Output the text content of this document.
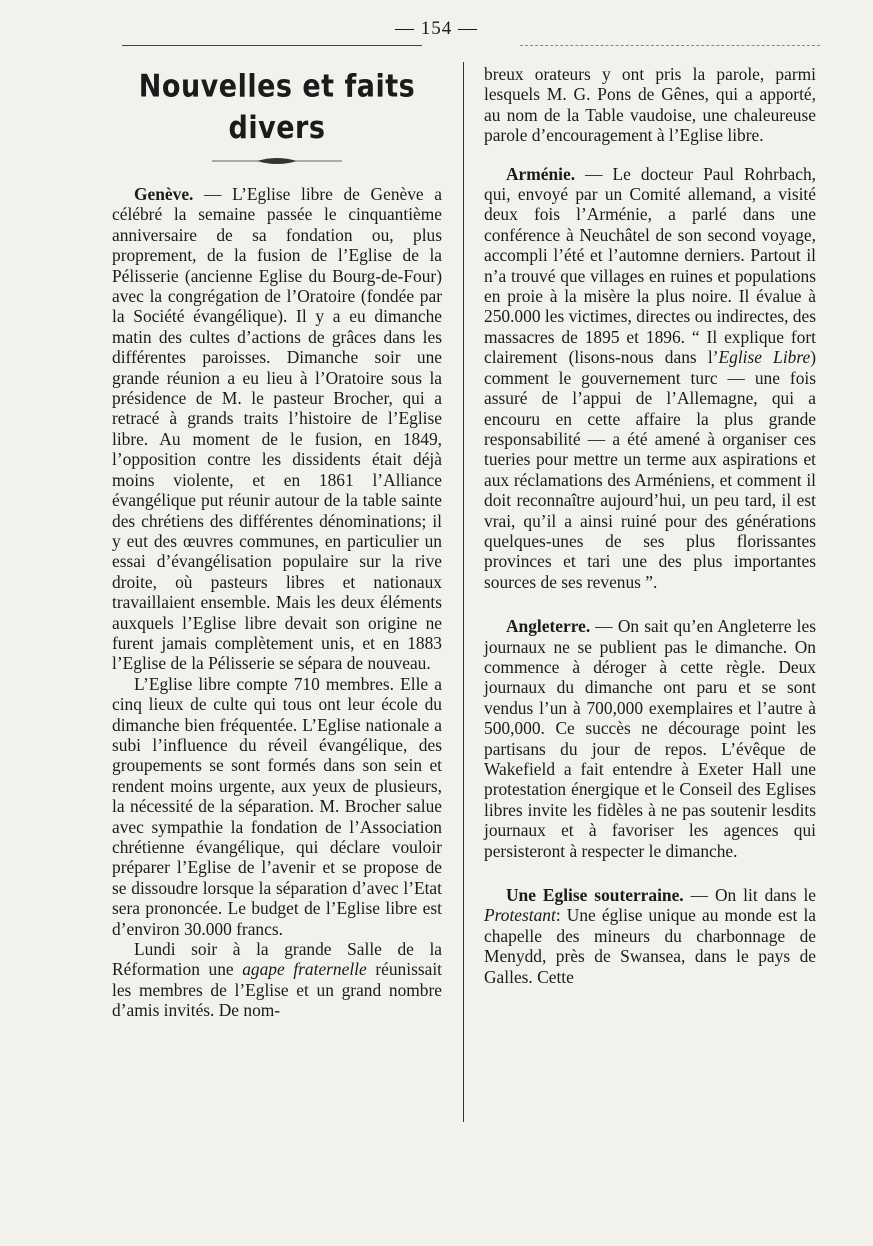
— 154 —
Nouvelles et faits divers

Genève. — L’Eglise libre de Genève a célébré la semaine passée le cinquantième anniversaire de sa fondation ou, plus proprement, de la fusion de l’Eglise de la Pélisserie (ancienne Eglise du Bourg-de-Four) avec la congrégation de l’Oratoire (fondée par la Société évangélique). Il y a eu dimanche matin des cultes d’actions de grâces dans les différentes paroisses. Dimanche soir une grande réunion a eu lieu à l’Oratoire sous la présidence de M. le pasteur Brocher, qui a retracé à grands traits l’histoire de l’Eglise libre. Au moment de le fusion, en 1849, l’opposition contre les dissidents était déjà moins violente, et en 1861 l’Alliance évangélique put réunir autour de la table sainte des chrétiens des différentes dénominations; il y eut des œuvres communes, en particulier un essai d’évangélisation populaire sur la rive droite, où pasteurs libres et nationaux travaillaient ensemble. Mais les deux éléments auxquels l’Eglise libre devait son origine ne furent jamais complètement unis, et en 1883 l’Eglise de la Pélisserie se sépara de nouveau.

L’Eglise libre compte 710 membres. Elle a cinq lieux de culte qui tous ont leur école du dimanche bien fréquentée. L’Eglise nationale a subi l’influence du réveil évangélique, des groupements se sont formés dans son sein et rendent moins urgente, aux yeux de plusieurs, la nécessité de la séparation. M. Brocher salue avec sympathie la fondation de l’Association chrétienne évangélique, qui déclare vouloir préparer l’Eglise de l’avenir et se propose de se dissoudre lorsque la séparation d’avec l’Etat sera prononcée. Le budget de l’Eglise libre est d’environ 30.000 francs.

Lundi soir à la grande Salle de la Réformation une agape fraternelle réunissait les membres de l’Eglise et un grand nombre d’amis invités. De nom-

breux orateurs y ont pris la parole, parmi lesquels M. G. Pons de Gênes, qui a apporté, au nom de la Table vaudoise, une chaleureuse parole d’encouragement à l’Eglise libre.

Arménie. — Le docteur Paul Rohrbach, qui, envoyé par un Comité allemand, a visité deux fois l’Arménie, a parlé dans une conférence à Neuchâtel de son second voyage, accompli l’été et l’automne derniers. Partout il n’a trouvé que villages en ruines et populations en proie à la misère la plus noire. Il évalue à 250.000 les victimes, directes ou indirectes, des massacres de 1895 et 1896. “ Il explique fort clairement (lisons-nous dans l’Eglise Libre) comment le gouvernement turc — une fois assuré de l’appui de l’Allemagne, qui a encouru en cette affaire la plus grande responsabilité — a été amené à organiser ces tueries pour mettre un terme aux aspirations et aux réclamations des Arméniens, et comment il doit reconnaître aujourd’hui, un peu tard, il est vrai, qu’il a ainsi ruiné pour des générations quelques-unes de ses plus florissantes provinces et tari une des plus importantes sources de ses revenus ”.

Angleterre. — On sait qu’en Angleterre les journaux ne se publient pas le dimanche. On commence à déroger à cette règle. Deux journaux du dimanche ont paru et se sont vendus l’un à 700,000 exemplaires et l’autre à 500,000. Ce succès ne décourage point les partisans du jour de repos. L’évêque de Wakefield a fait entendre à Exeter Hall une protestation énergique et le Conseil des Eglises libres invite les fidèles à ne pas soutenir lesdits journaux et à favoriser les agences qui persisteront à respecter le dimanche.

Une Eglise souterraine. — On lit dans le Protestant: Une église unique au monde est la chapelle des mineurs du charbonnage de Menydd, près de Swansea, dans le pays de Galles. Cette
